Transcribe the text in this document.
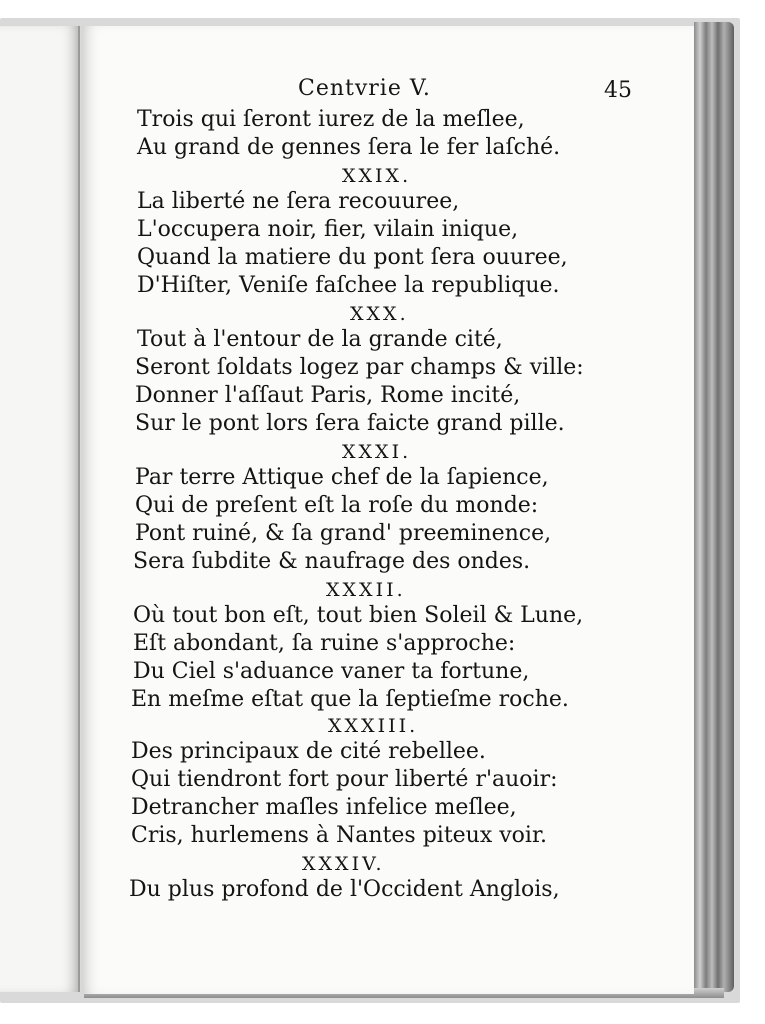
Centvrie V.	45
Trois qui ſeront iurez de la meſlee,
Au grand de gennes ſera le fer laſché.
XXIX.
La liberté ne ſera recouuree,
L'occupera noir, fier, vilain inique,
Quand la matiere du pont ſera ouuree,
D'Hiſter, Veniſe faſchee la republique.
XXX.
Tout à l'entour de la grande cité,
Seront ſoldats logez par champs & ville:
Donner l'aſſaut Paris, Rome incité,
Sur le pont lors ſera faicte grand pille.
XXXI.
Par terre Attique chef de la ſapience,
Qui de preſent eſt la roſe du monde:
Pont ruiné, & ſa grand' preeminence,
Sera ſubdite & naufrage des ondes.
XXXII.
Où tout bon eſt, tout bien Soleil & Lune,
Eſt abondant, ſa ruine s'approche:
Du Ciel s'aduance vaner ta fortune,
En meſme eſtat que la ſeptieſme roche.
XXXIII.
Des principaux de cité rebellee.
Qui tiendront fort pour liberté r'auoir:
Detrancher maſles infelice meſlee,
Cris, hurlemens à Nantes piteux voir.
XXXIV.
Du plus profond de l'Occident Anglois,
